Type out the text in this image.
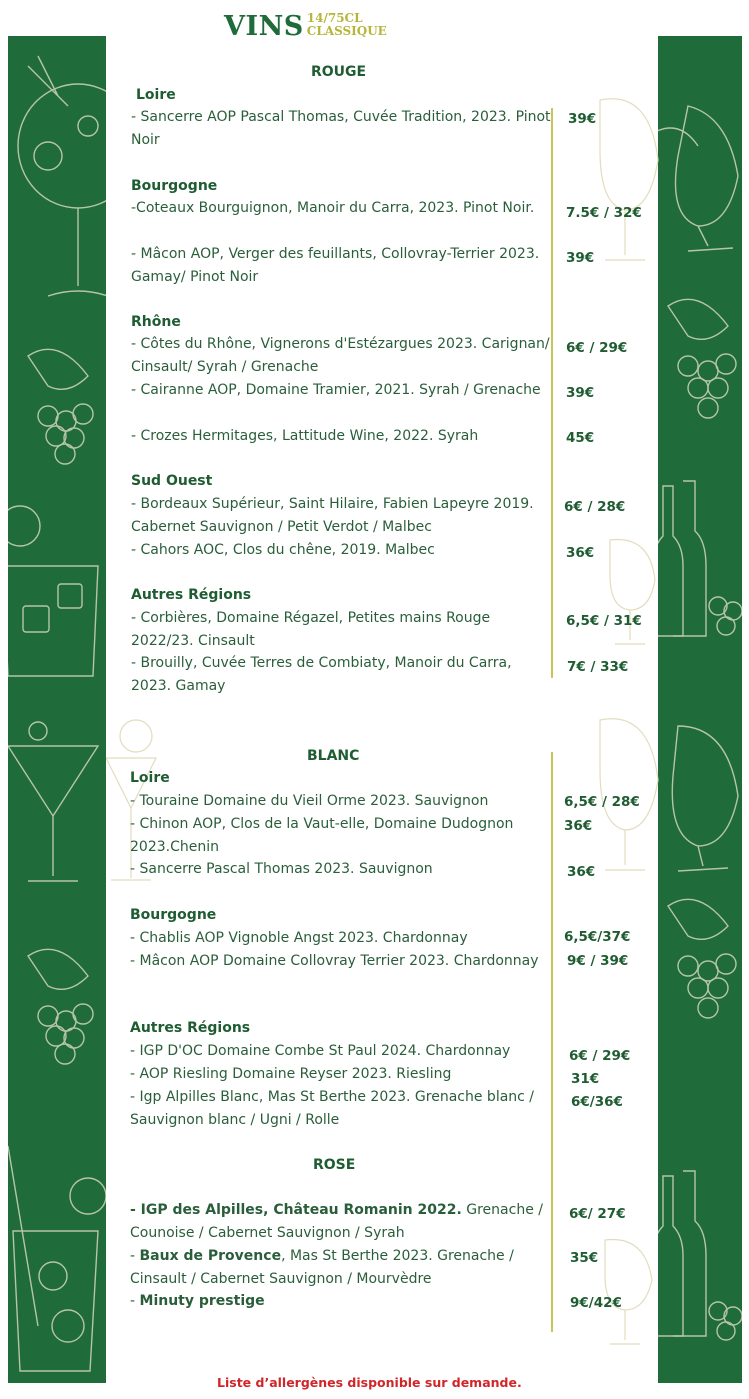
VINS 14/75CL
CLASSIQUE
ROUGE
Loire
- Sancerre AOP Pascal Thomas, Cuvée Tradition, 2023. Pinot Noir
39€
Bourgogne
-Coteaux Bourguignon, Manoir du Carra, 2023. Pinot Noir.	7.5€ / 32€
- Mâcon AOP, Verger des feuillants, Collovray-Terrier 2023. Gamay/ Pinot Noir
39€
Rhône
- Côtes du Rhône, Vignerons d'Estézargues 2023. Carignan/ Cinsault/ Syrah / Grenache
6€ / 29€
- Cairanne AOP, Domaine Tramier, 2021. Syrah / Grenache	39€
- Crozes Hermitages, Lattitude Wine, 2022. Syrah	45€
Sud Ouest
- Bordeaux Supérieur, Saint Hilaire, Fabien Lapeyre 2019. Cabernet Sauvignon / Petit Verdot / Malbec
6€ / 28€
- Cahors AOC, Clos du chêne, 2019. Malbec	36€
Autres Régions
- Corbières, Domaine Régazel, Petites mains Rouge 2022/23. Cinsault
6,5€ / 31€
- Brouilly, Cuvée Terres de Combiaty, Manoir du Carra, 2023. Gamay
7€ / 33€
BLANC
Loire
- Touraine Domaine du Vieil Orme 2023. Sauvignon	6,5€ / 28€
- Chinon AOP, Clos de la Vaut-elle, Domaine Dudognon 2023.Chenin
36€
- Sancerre Pascal Thomas 2023. Sauvignon	36€
Bourgogne
- Chablis AOP Vignoble Angst 2023. Chardonnay	6,5€/37€
- Mâcon AOP Domaine Collovray Terrier 2023. Chardonnay	9€ / 39€
Autres Régions
- IGP D'OC Domaine Combe St Paul 2024. Chardonnay	6€ / 29€
- AOP Riesling Domaine Reyser 2023. Riesling	31€
- Igp Alpilles Blanc, Mas St Berthe 2023. Grenache blanc / Sauvignon blanc / Ugni / Rolle
6€/36€
ROSE
- IGP des Alpilles, Château Romanin 2022. Grenache / Counoise / Cabernet Sauvignon / Syrah
6€/ 27€
- Baux de Provence, Mas St Berthe 2023. Grenache / Cinsault / Cabernet Sauvignon / Mourvèdre
35€
- Minuty prestige	9€/42€
Liste d’allergènes disponible sur demande.
